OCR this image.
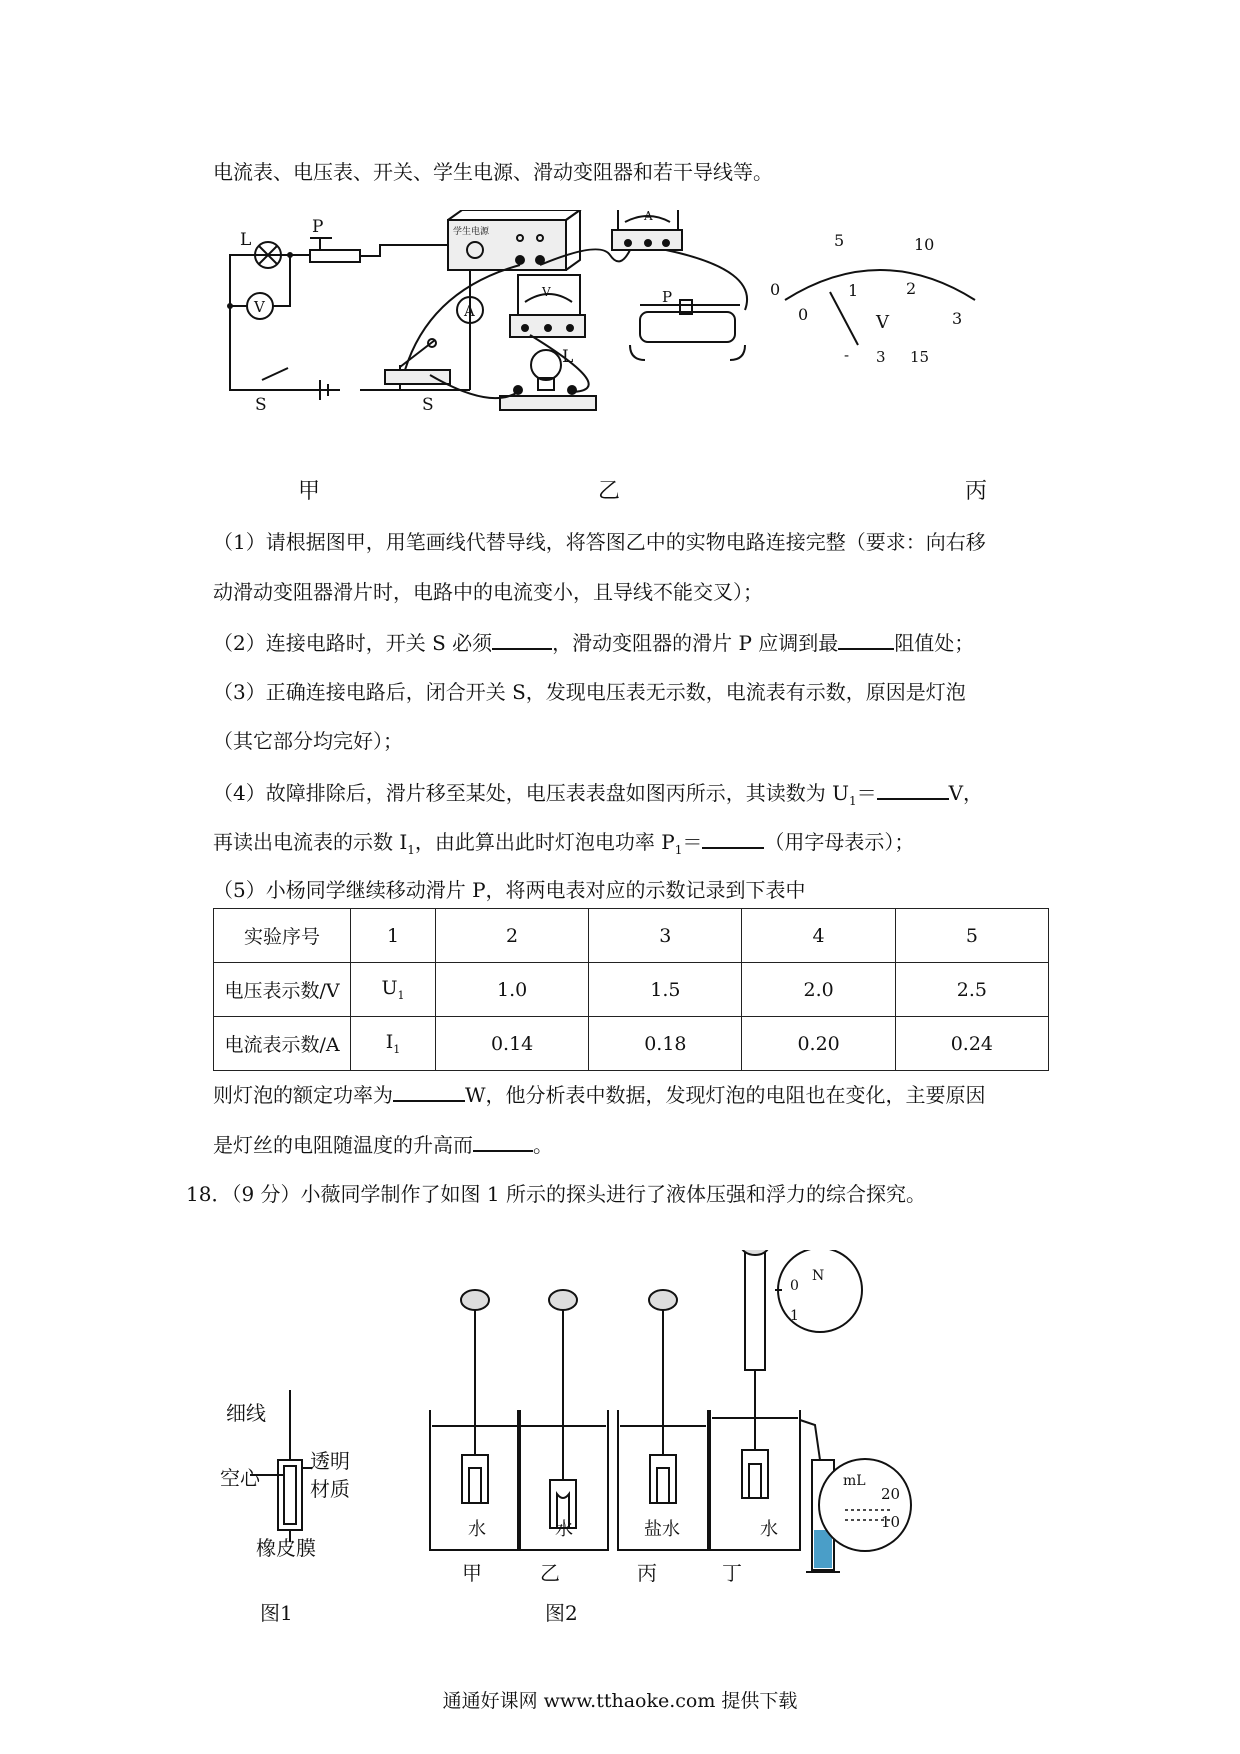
电流表、电压表、开关、学生电源、滑动变阻器和若干导线等。
L
P
V	A
S	S
L
P
V
A
学生电源
0
5	10
0
1	2
3
V
- 3 15
甲	乙	丙
（1）请根据图甲，用笔画线代替导线，将答图乙中的实物电路连接完整（要求：向右移
动滑动变阻器滑片时，电路中的电流变小，且导线不能交叉）；
（2）连接电路时，开关 S 必须	，滑动变阻器的滑片 P 应调到最	阻值处；
（3）正确连接电路后，闭合开关 S，发现电压表无示数，电流表有示数，原因是灯泡
（其它部分均完好）；
（4）故障排除后，滑片移至某处，电压表表盘如图丙所示，其读数为 $U_1=$	V，
再读出电流表的示数 $I_1$，由此算出此时灯泡电功率 $P_1=$	（用字母表示）；
（5）小杨同学继续移动滑片 P，将两电表对应的示数记录到下表中
实验序号	1	2	3	4	5
电压表示数/V	$U_1$	1.0	1.5	2.0	2.5
电流表示数/A	$I_1$	0.14	0.18	0.20	0.24
则灯泡的额定功率为	W，他分析表中数据，发现灯泡的电阻也在变化，主要原因
是灯丝的电阻随温度的升高而	。
18．（9 分）小薇同学制作了如图 1 所示的探头进行了液体压强和浮力的综合探究。
细线
空心
透明
材质
橡皮膜
图1
水	水	盐水	水
甲	乙	丙	丁
图2
N
0
1
mL
20
10
通通好课网 www.tthaoke.com 提供下载
